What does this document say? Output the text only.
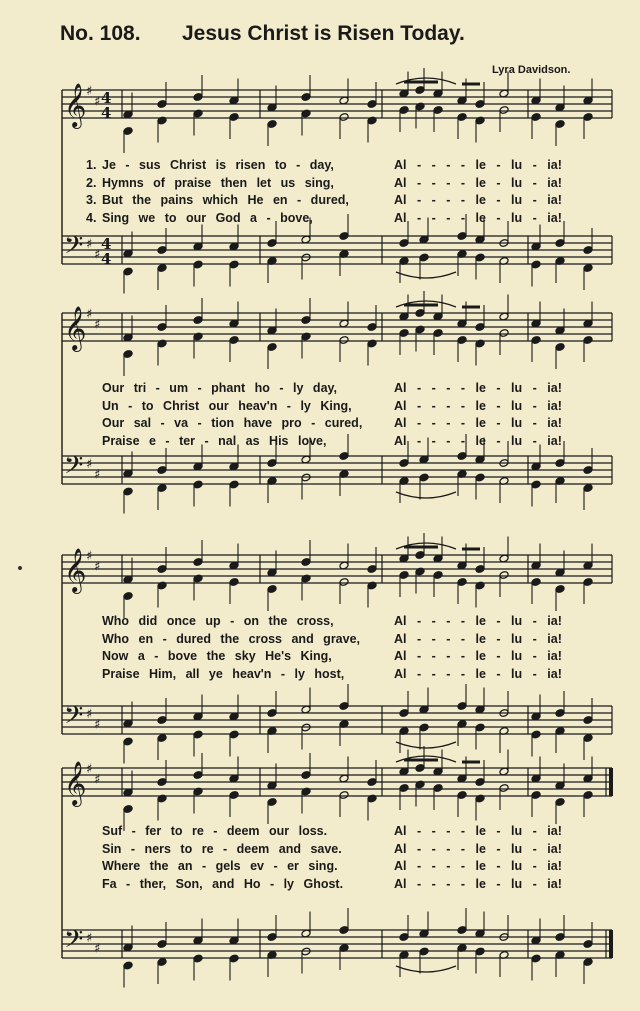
No. 108. Jesus Christ is Risen Today.
Lyra Davidson.
𝄞
𝄢
♯
♯
♯
♯
4
4
4
4
𝄞
𝄢
♯
♯
♯
♯
𝄞
𝄢
♯
♯
♯
♯
𝄞
𝄢
♯
♯
♯
♯
1. Je - sus Christ is risen to - day,	Al - - - - le - lu - ia!
2. Hymns of praise then let us sing,	Al - - - - le - lu - ia!
3. But the pains which He en - dured,	Al - - - - le - lu - ia!
4. Sing we to our God a - bove,	Al - - - - le - lu - ia!
Our tri - um - phant ho - ly day,	Al - - - - le - lu - ia!
Un - to Christ our heav'n - ly King,	Al - - - - le - lu - ia!
Our sal - va - tion have pro - cured,	Al - - - - le - lu - ia!
Praise e - ter - nal as His love,	Al - - - - le - lu - ia!
Who did once up - on the cross,	Al - - - - le - lu - ia!
Who en - dured the cross and grave,	Al - - - - le - lu - ia!
Now a - bove the sky He's King,	Al - - - - le - lu - ia!
Praise Him, all ye heav'n - ly host,	Al - - - - le - lu - ia!
Suf - fer to re - deem our loss.	Al - - - - le - lu - ia!
Sin - ners to re - deem and save.	Al - - - - le - lu - ia!
Where the an - gels ev - er sing.	Al - - - - le - lu - ia!
Fa - ther, Son, and Ho - ly Ghost.	Al - - - - le - lu - ia!
